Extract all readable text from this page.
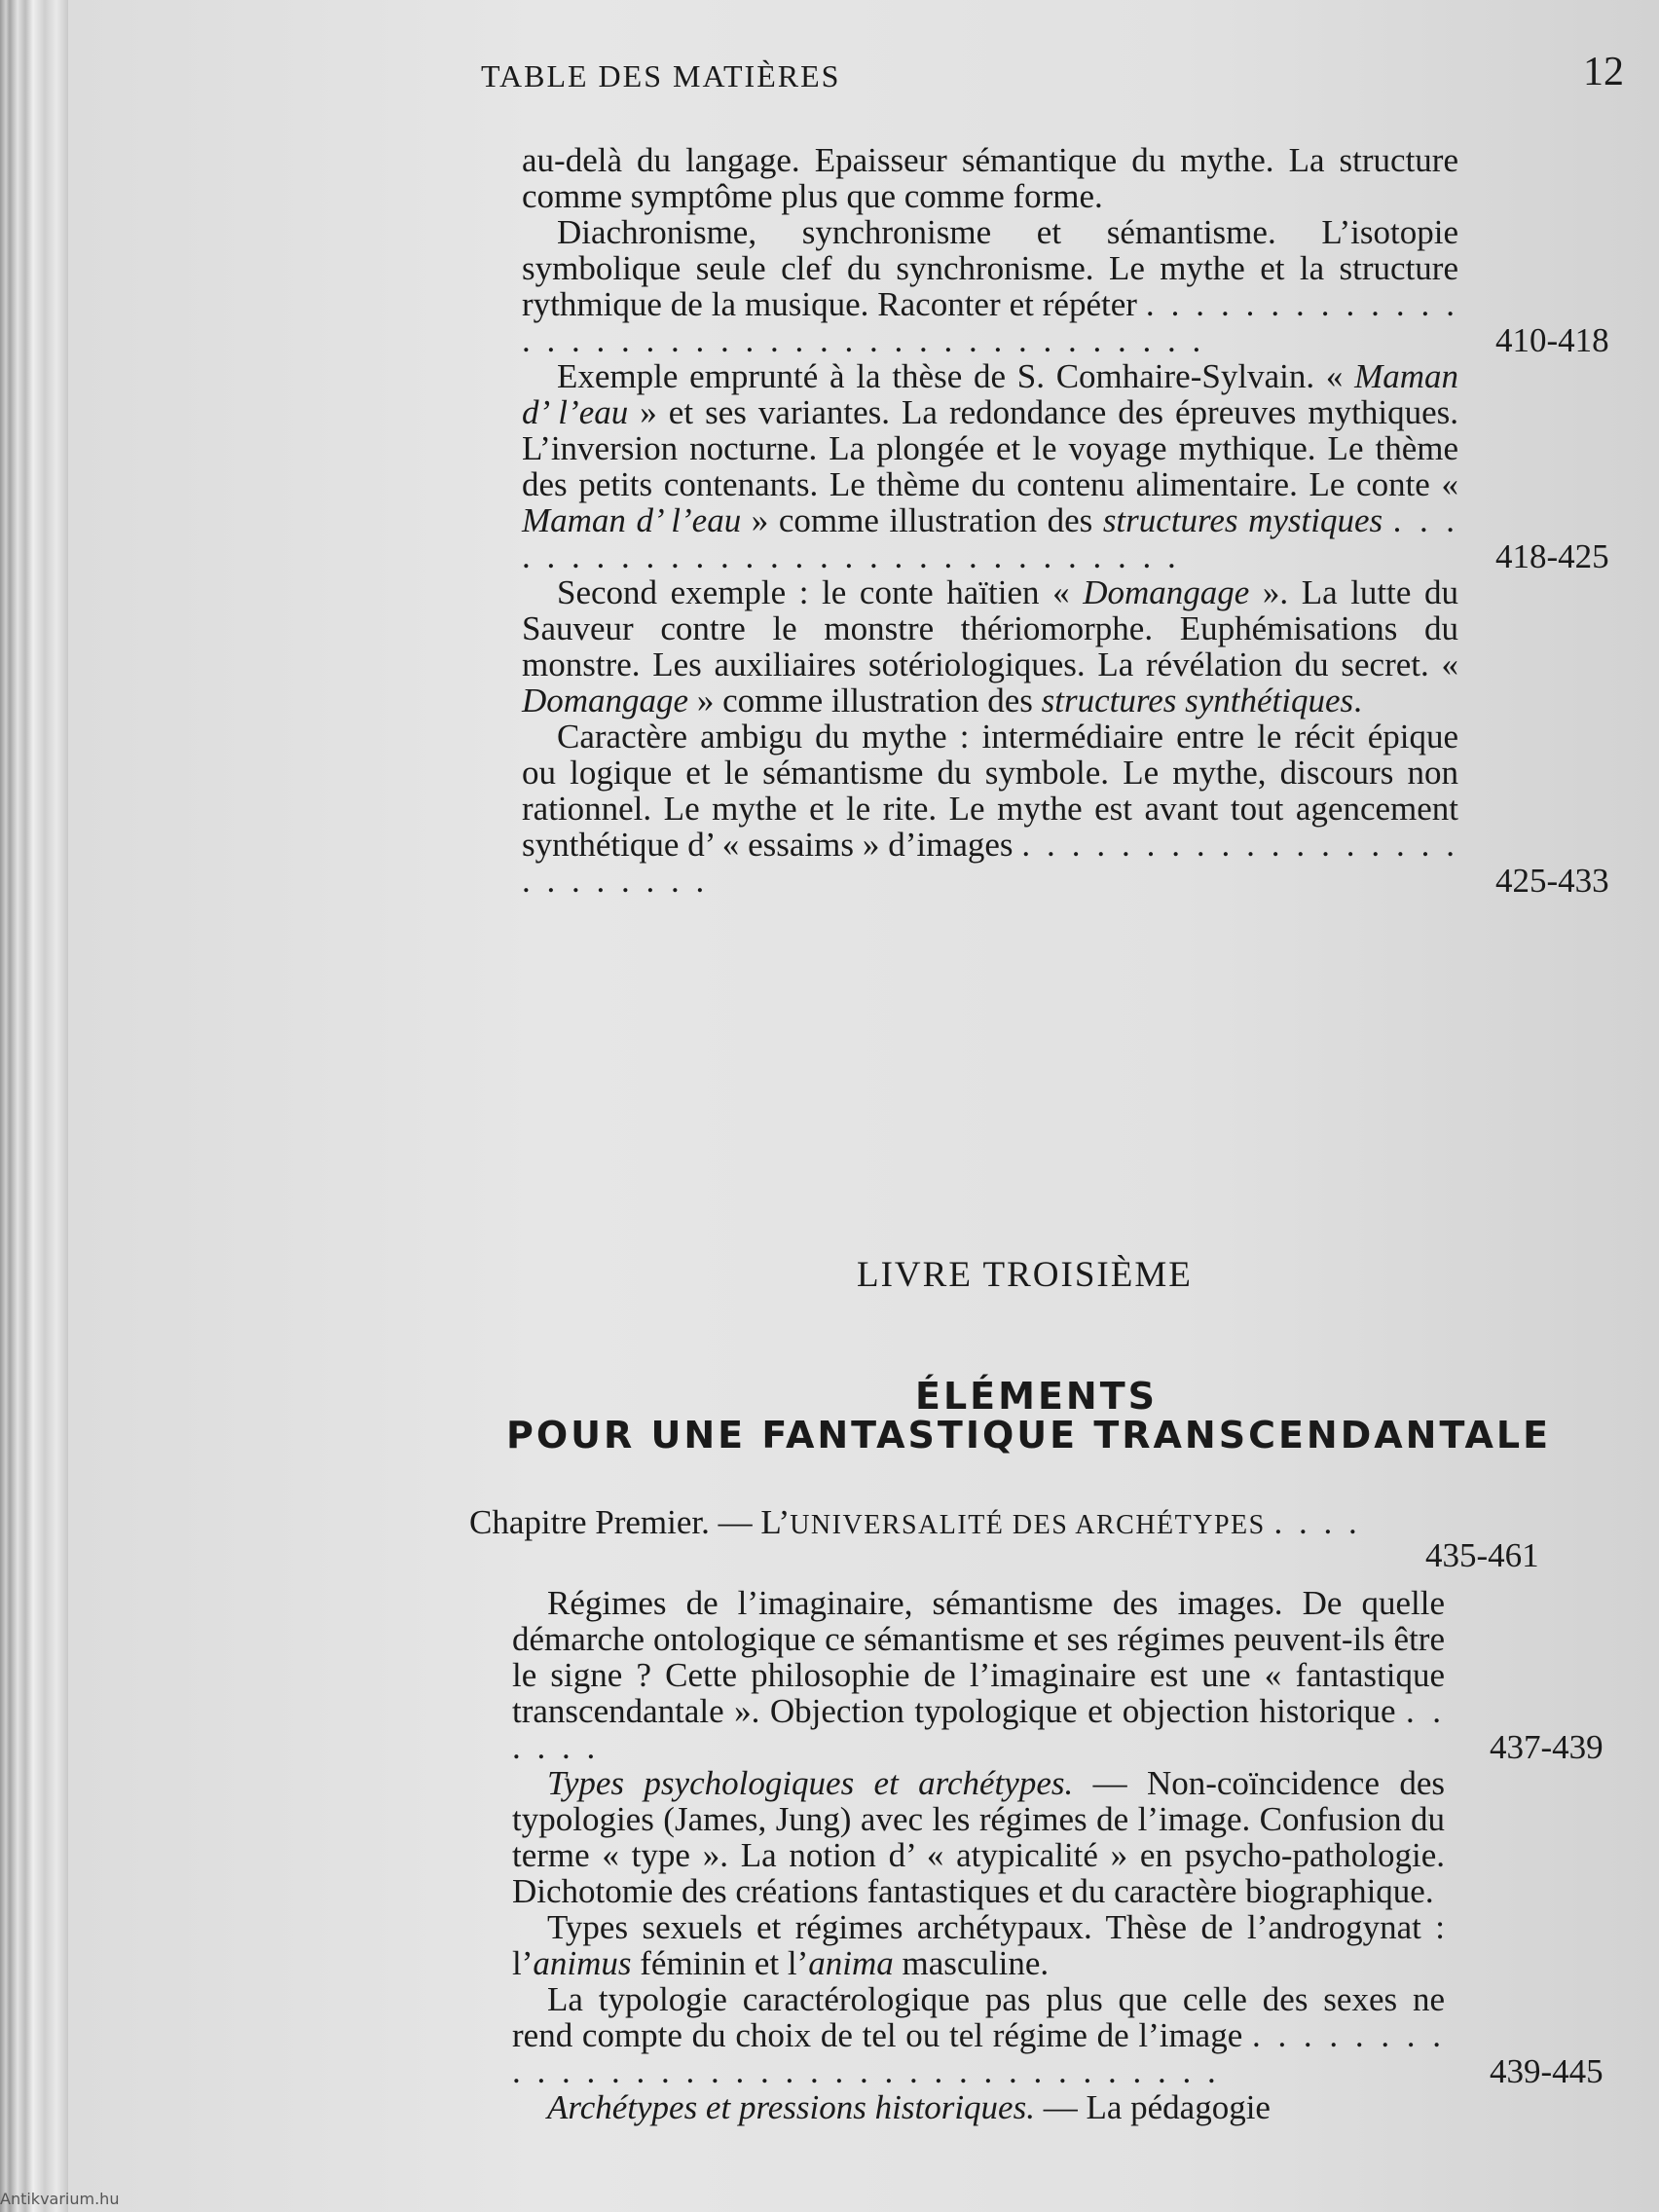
TABLE DES MATIÈRES	12

au-delà du langage. Epaisseur sémantique du mythe. La structure comme symptôme plus que comme forme.

Diachronisme, synchronisme et sémantisme. L’isotopie symbolique seule clef du synchronisme. Le mythe et la structure rythmique de la musique. Raconter et répéter . . . . . . . . . . . . . . . . . . . . . . . . . . . . . . . . . . . . . . . . .	410-418

Exemple emprunté à la thèse de S. Comhaire-Sylvain. « Maman d’ l’eau » et ses variantes. La redondance des épreuves mythiques. L’inversion nocturne. La plongée et le voyage mythique. Le thème des petits contenants. Le thème du contenu alimentaire. Le conte « Maman d’ l’eau » comme illustration des structures mystiques . . . . . . . . . . . . . . . . . . . . . . . . . . . . . .	418-425

Second exemple : le conte haïtien « Domangage ». La lutte du Sauveur contre le monstre thériomorphe. Euphémisations du monstre. Les auxiliaires sotériologiques. La révélation du secret. « Domangage » comme illustration des structures synthétiques.

Caractère ambigu du mythe : intermédiaire entre le récit épique ou logique et le sémantisme du symbole. Le mythe, discours non rationnel. Le mythe et le rite. Le mythe est avant tout agencement synthétique d’ « essaims » d’images . . . . . . . . . . . . . . . . . . . . . . . . . .	425-433
LIVRE TROISIÈME
ÉLÉMENTS
POUR UNE FANTASTIQUE TRANSCENDANTALE
Chapitre Premier. — L’UNIVERSALITÉ DES ARCHÉTYPES . . . .
435-461

Régimes de l’imaginaire, sémantisme des images. De quelle démarche ontologique ce sémantisme et ses régimes peuvent-ils être le signe ? Cette philosophie de l’imaginaire est une « fantastique transcendantale ». Objection typologique et objection historique . . . . . .	437-439

Types psychologiques et archétypes. — Non-coïncidence des typologies (James, Jung) avec les régimes de l’image. Confusion du terme « type ». La notion d’ « atypicalité » en psycho-pathologie. Dichotomie des créations fantastiques et du caractère biographique.

Types sexuels et régimes archétypaux. Thèse de l’androgynat : l’animus féminin et l’anima masculine.

La typologie caractérologique pas plus que celle des sexes ne rend compte du choix de tel ou tel régime de l’image . . . . . . . . . . . . . . . . . . . . . . . . . . . . . . . . . . . . .	439-445

Archétypes et pressions historiques. — La pédagogie

Antikvarium.hu
